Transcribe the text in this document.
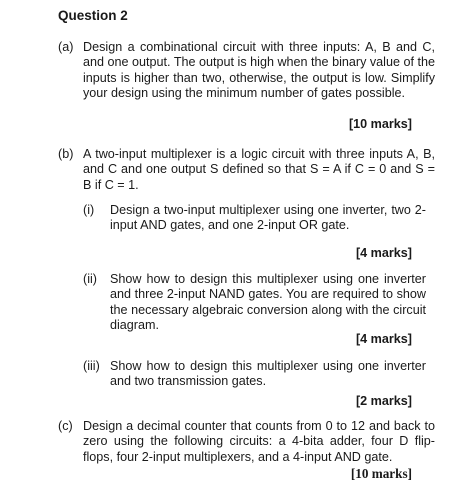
Question 2
(a) Design a combinational circuit with three inputs: A, B and C, and one output. The output is high when the binary value of the inputs is higher than two, otherwise, the output is low. Simplify your design using the minimum number of gates possible.
[10 marks]
(b) A two-input multiplexer is a logic circuit with three inputs A, B, and C and one output S defined so that S = A if C = 0 and S = B if C = 1.
(i) Design a two-input multiplexer using one inverter, two 2-input AND gates, and one 2-input OR gate.
[4 marks]
(ii) Show how to design this multiplexer using one inverter and three 2-input NAND gates. You are required to show the necessary algebraic conversion along with the circuit diagram.
[4 marks]
(iii) Show how to design this multiplexer using one inverter and two transmission gates.
[2 marks]
(c) Design a decimal counter that counts from 0 to 12 and back to zero using the following circuits: a 4-bita adder, four D flip-flops, four 2-input multiplexers, and a 4-input AND gate.
[10 marks]
